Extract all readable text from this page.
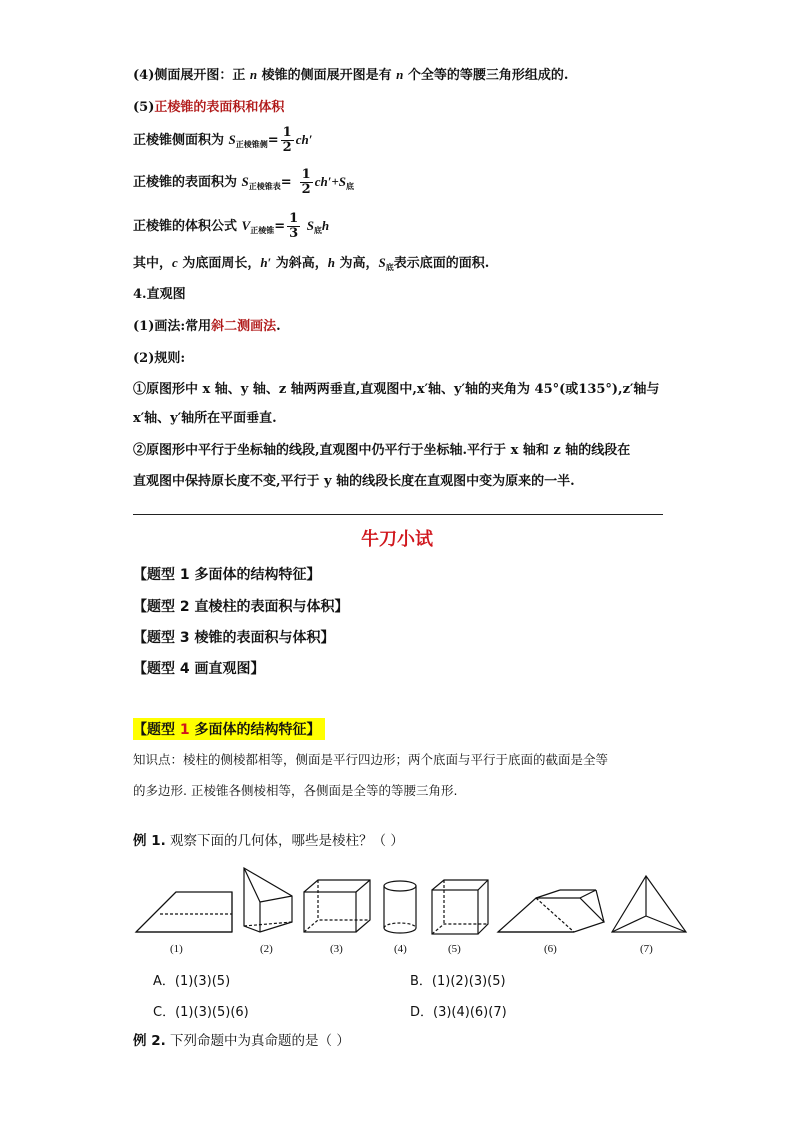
(4)侧面展开图：正 n 棱锥的侧面展开图是有 n 个全等的等腰三角形组成的.
(5)正棱锥的表面积和体积
正棱锥侧面积为 $S_{正棱锥侧}= \frac{1}{2} ch'$
正棱锥的表面积为 $S_{正棱锥表}= \frac{1}{2} ch'+S_底$
正棱锥的体积公式 $V_{正棱锥}= \frac{1}{3} S_底h$
其中，c 为底面周长，h′ 为斜高，h 为高，$S_底$表示底面的面积.
4.直观图
(1)画法:常用斜二测画法.
(2)规则:
①原图形中 x 轴、y 轴、z 轴两两垂直,直观图中,x′轴、y′轴的夹角为 45°(或135°),z′轴与
x′轴、y′轴所在平面垂直.
②原图形中平行于坐标轴的线段,直观图中仍平行于坐标轴.平行于 x 轴和 z 轴的线段在
直观图中保持原长度不变,平行于 y 轴的线段长度在直观图中变为原来的一半.
牛刀小试
【题型 1 多面体的结构特征】
【题型 2 直棱柱的表面积与体积】
【题型 3 棱锥的表面积与体积】
【题型 4 画直观图】
【题型 1 多面体的结构特征】
知识点：棱柱的侧棱都相等，侧面是平行四边形；两个底面与平行于底面的截面是全等
的多边形. 正棱锥各侧棱相等，各侧面是全等的等腰三角形.
例 1. 观察下面的几何体，哪些是棱柱？（ ）
(1)	(2)	(3)	(4)	(5)	(6)	(7)
A．(1)(3)(5)	B．(1)(2)(3)(5)
C．(1)(3)(5)(6)	D．(3)(4)(6)(7)
例 2. 下列命题中为真命题的是（ ）
